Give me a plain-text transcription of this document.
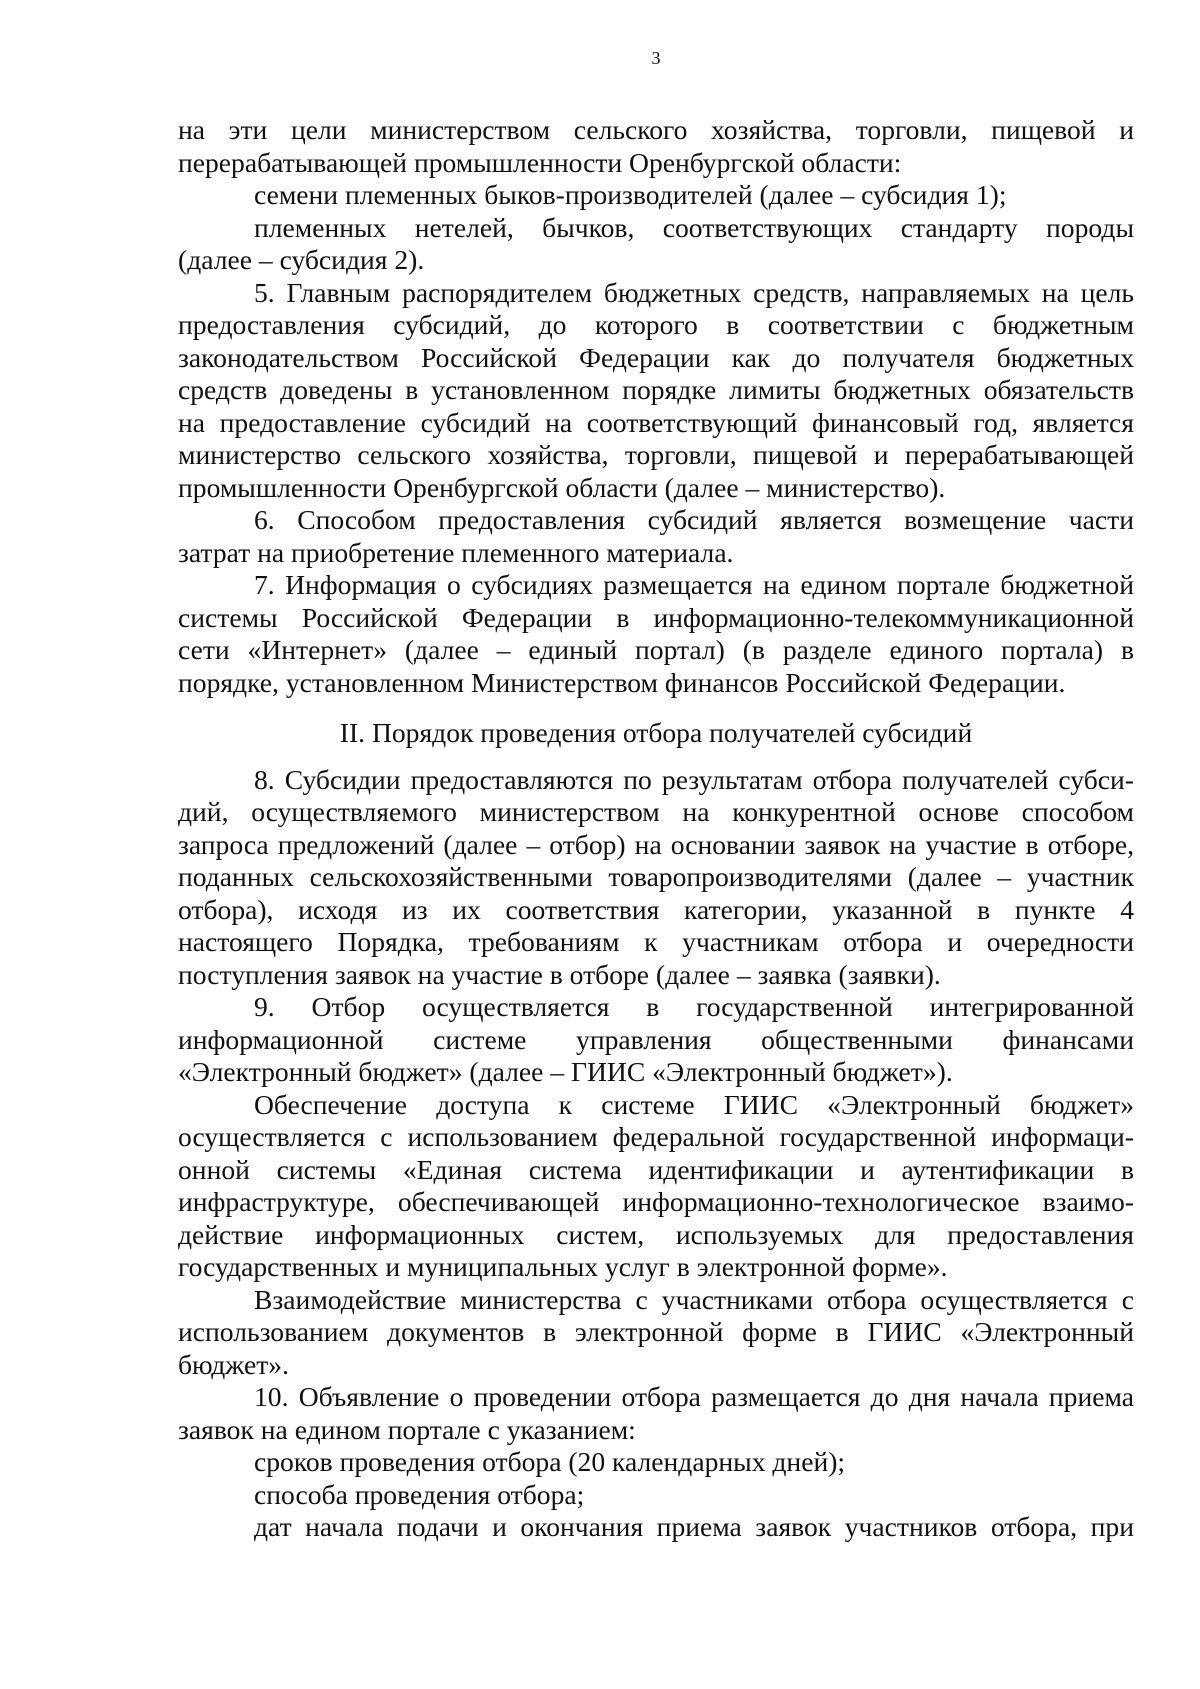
3

на эти цели министерством сельского хозяйства, торговли, пищевой и

перерабатывающей промышленности Оренбургской области:

семени племенных быков-производителей (далее – субсидия 1);

племенных нетелей, бычков, соответствующих стандарту породы

(далее – субсидия 2).

5. Главным распорядителем бюджетных средств, направляемых на цель

предоставления субсидий, до которого в соответствии с бюджетным

законодательством Российской Федерации как до получателя бюджетных

средств доведены в установленном порядке лимиты бюджетных обязательств

на предоставление субсидий на соответствующий финансовый год, является

министерство сельского хозяйства, торговли, пищевой и перерабатывающей

промышленности Оренбургской области (далее – министерство).

6. Способом предоставления субсидий является возмещение части

затрат на приобретение племенного материала.

7. Информация о субсидиях размещается на едином портале бюджетной

системы Российской Федерации в информационно-телекоммуникационной

сети «Интернет» (далее – единый портал) (в разделе единого портала) в

порядке, установленном Министерством финансов Российской Федерации.

II. Порядок проведения отбора получателей субсидий

8. Субсидии предоставляются по результатам отбора получателей субси-

дий, осуществляемого министерством на конкурентной основе способом

запроса предложений (далее – отбор) на основании заявок на участие в отборе,

поданных сельскохозяйственными товаропроизводителями (далее – участник

отбора), исходя из их соответствия категории, указанной в пункте 4

настоящего Порядка, требованиям к участникам отбора и очередности

поступления заявок на участие в отборе (далее – заявка (заявки).

9. Отбор осуществляется в государственной интегрированной

информационной системе управления общественными финансами

«Электронный бюджет» (далее – ГИИС «Электронный бюджет»).

Обеспечение доступа к системе ГИИС «Электронный бюджет»

осуществляется с использованием федеральной государственной информаци-

онной системы «Единая система идентификации и аутентификации в

инфраструктуре, обеспечивающей информационно-технологическое взаимо-

действие информационных систем, используемых для предоставления

государственных и муниципальных услуг в электронной форме».

Взаимодействие министерства с участниками отбора осуществляется с

использованием документов в электронной форме в ГИИС «Электронный

бюджет».

10. Объявление о проведении отбора размещается до дня начала приема

заявок на едином портале с указанием:

сроков проведения отбора (20 календарных дней);

способа проведения отбора;

дат начала подачи и окончания приема заявок участников отбора, при
